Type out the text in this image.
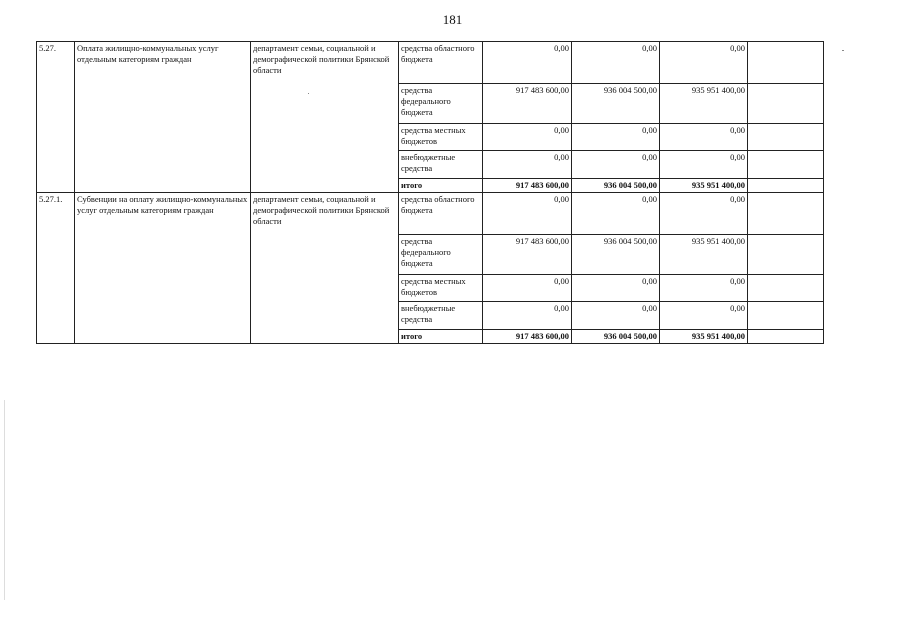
181
5.27.	Оплата жилищно-коммунальных услуг отдельным категориям граждан	департамент семьи, социальной и демографической политики Брянской области	средства областного бюджета	0,00	0,00	0,00	
			средства федерального бюджета	917 483 600,00	936 004 500,00	935 951 400,00	
			средства местных бюджетов	0,00	0,00	0,00	
			внебюджетные средства	0,00	0,00	0,00	
			итого	917 483 600,00	936 004 500,00	935 951 400,00	
5.27.1.	Субвенции на оплату жилищно-коммунальных услуг отдельным категориям граждан	департамент семьи, социальной и демографической политики Брянской области	средства областного бюджета	0,00	0,00	0,00	
			средства федерального бюджета	917 483 600,00	936 004 500,00	935 951 400,00	
			средства местных бюджетов	0,00	0,00	0,00	
			внебюджетные средства	0,00	0,00	0,00	
			итого	917 483 600,00	936 004 500,00	935 951 400,00	
